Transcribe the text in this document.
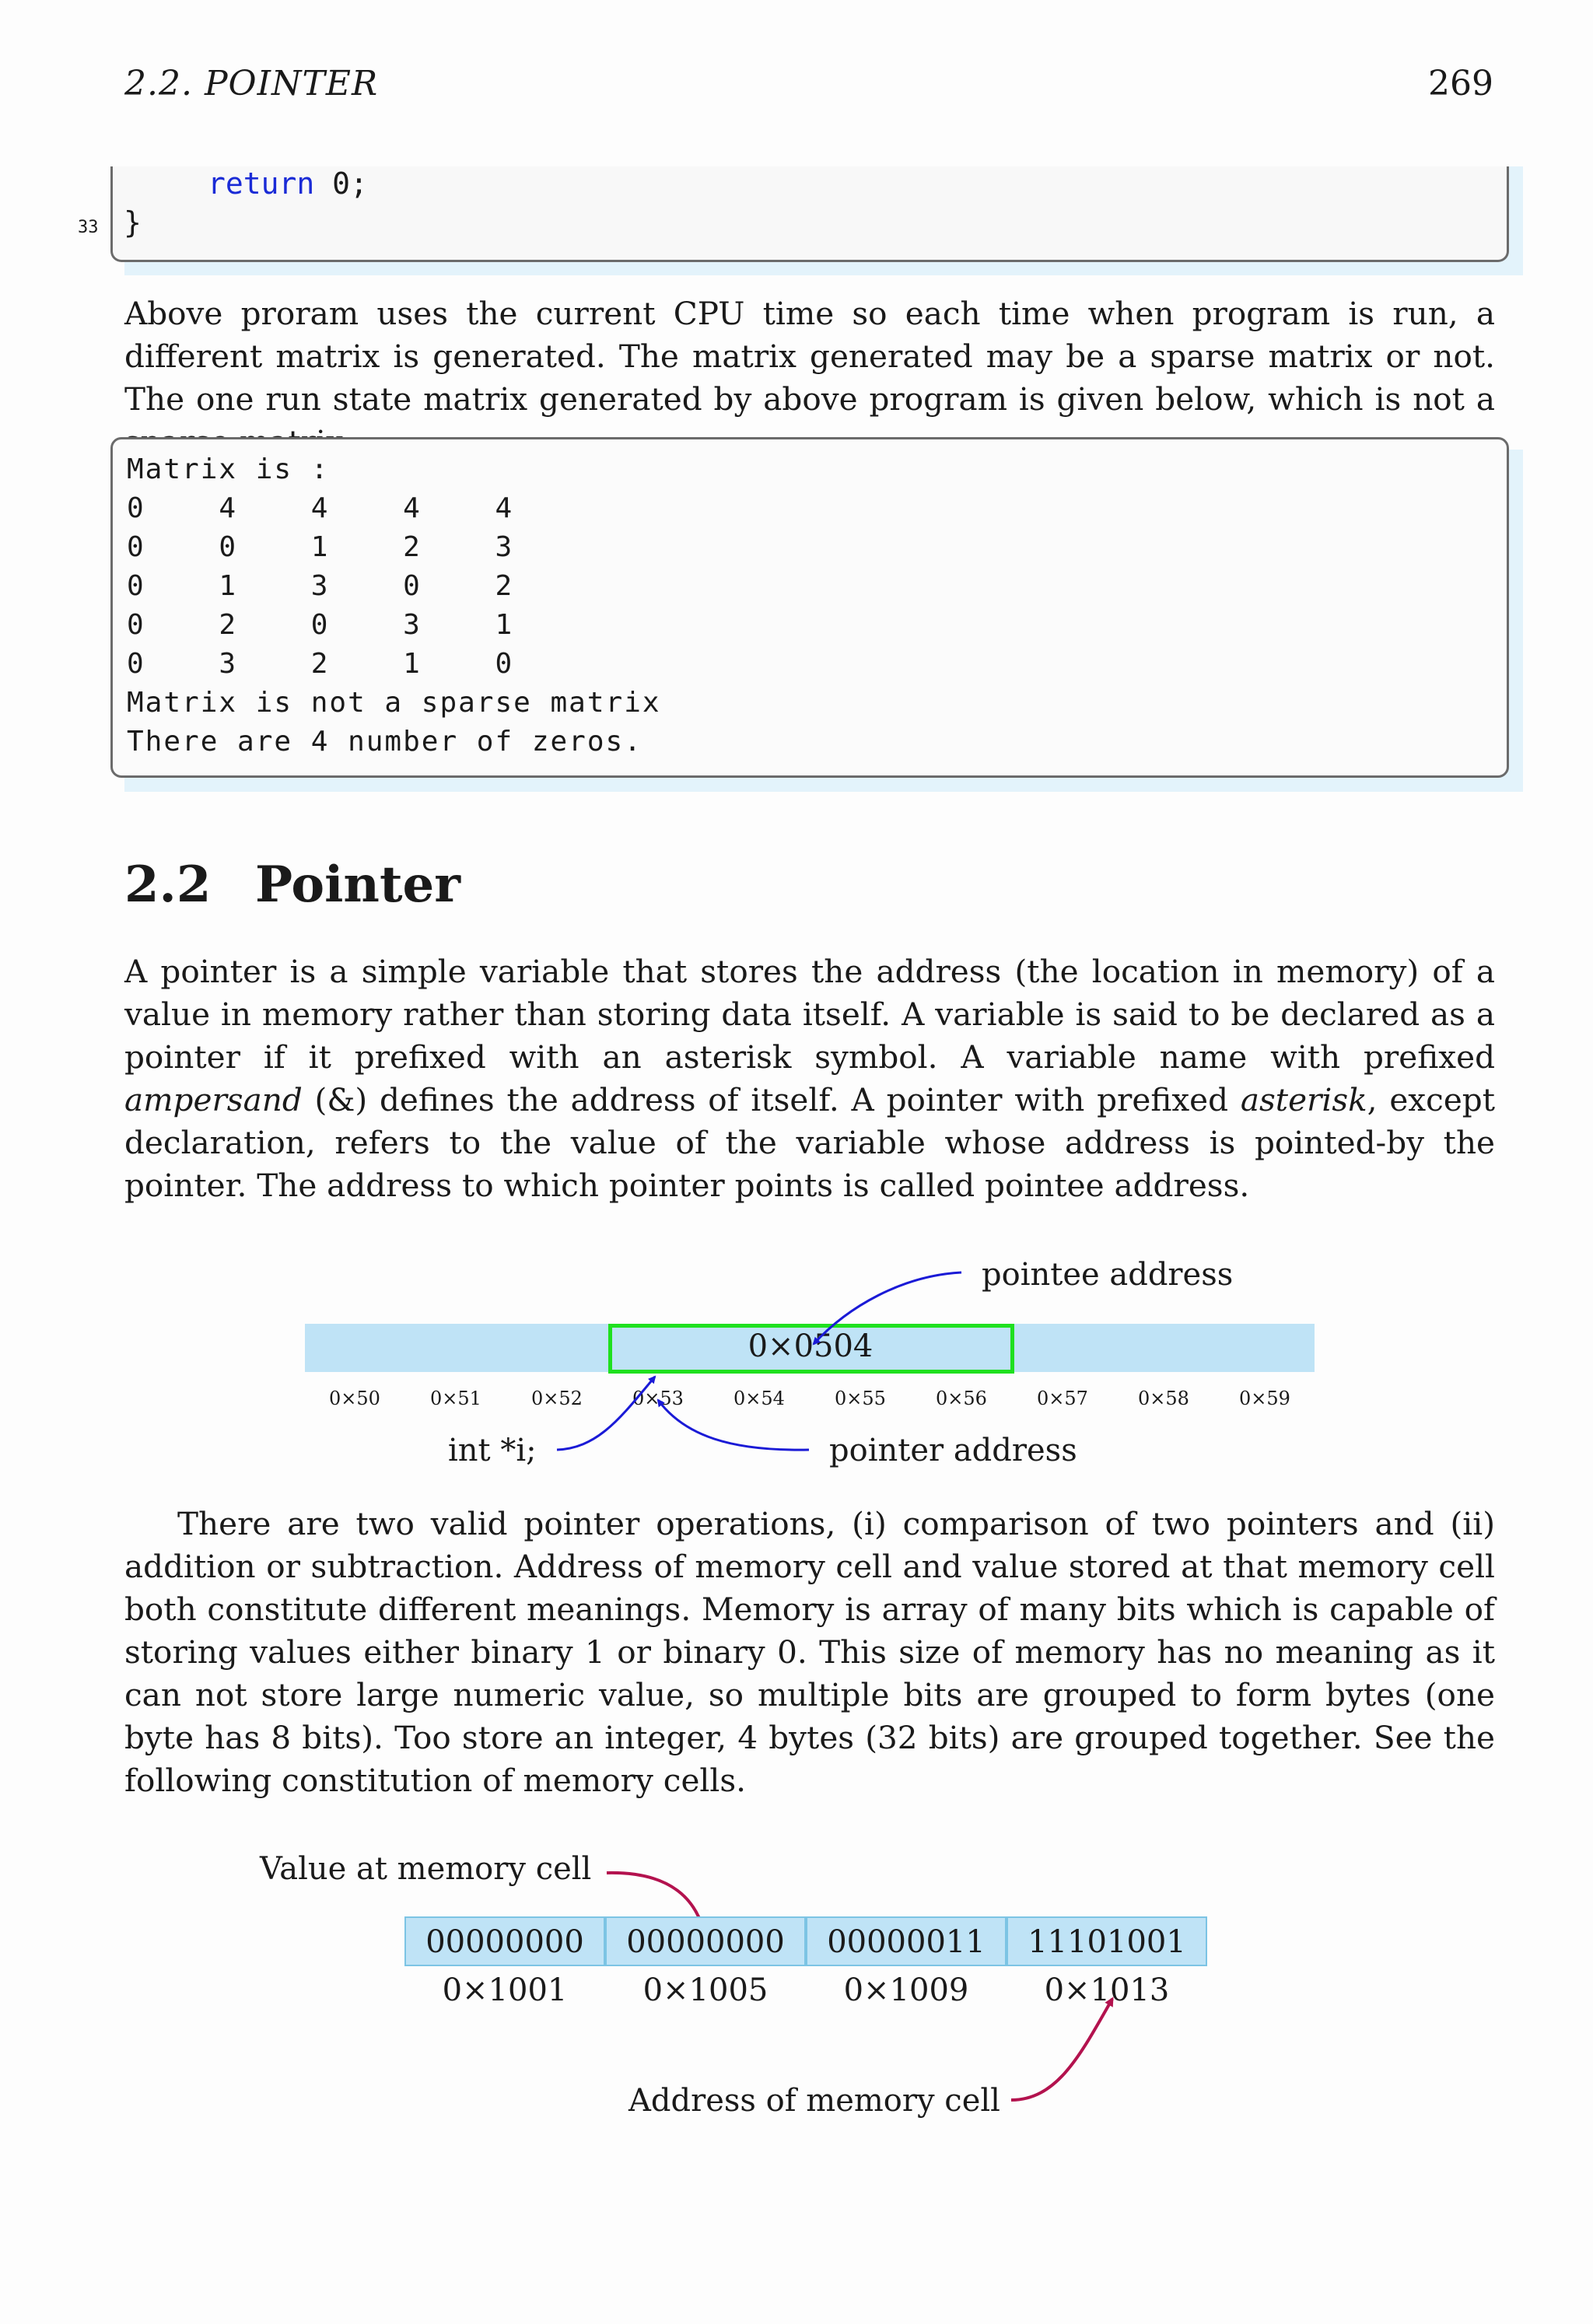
2.2. POINTER	269
return 0;
}
33

Above proram uses the current CPU time so each time when program is run, a different matrix is generated. The matrix generated may be a sparse matrix or not. The one run state matrix generated by above program is given below, which is not a

Matrix is :
0    4    4    4    4
0    0    1    2    3
0    1    3    0    2
0    2    0    3    1
0    3    2    1    0
Matrix is not a sparse matrix
There are 4 number of zeros.
2.2 Pointer

A pointer is a simple variable that stores the address (the location in memory) of a value in memory rather than storing data itself. A variable is said to be declared as a pointer if it prefixed with an asterisk symbol. A variable name with prefixed ampersand (&) defines the address of itself. A pointer with prefixed asterisk, except declaration, refers to the value of the variable whose address is pointed-by the pointer. The address to which pointer points is called pointee address.

0×0504
0×50	0×51	0×52	0×53	0×54	0×55	0×56	0×57	0×58	0×59
pointee address
int *i;	pointer address

There are two valid pointer operations, (i) comparison of two pointers and (ii) addition or subtraction. Address of memory cell and value stored at that memory cell both constitute different meanings. Memory is array of many bits which is capable of storing values either binary 1 or binary 0. This size of memory has no meaning as it can not store large numeric value, so multiple bits are grouped to form bytes (one byte has 8 bits). Too store an integer, 4 bytes (32 bits) are grouped together. See the following constitution of memory cells.

Value at memory cell
Address of memory cell
00000000	00000000	00000011	11101001
0×1001	0×1005	0×1009	0×1013
